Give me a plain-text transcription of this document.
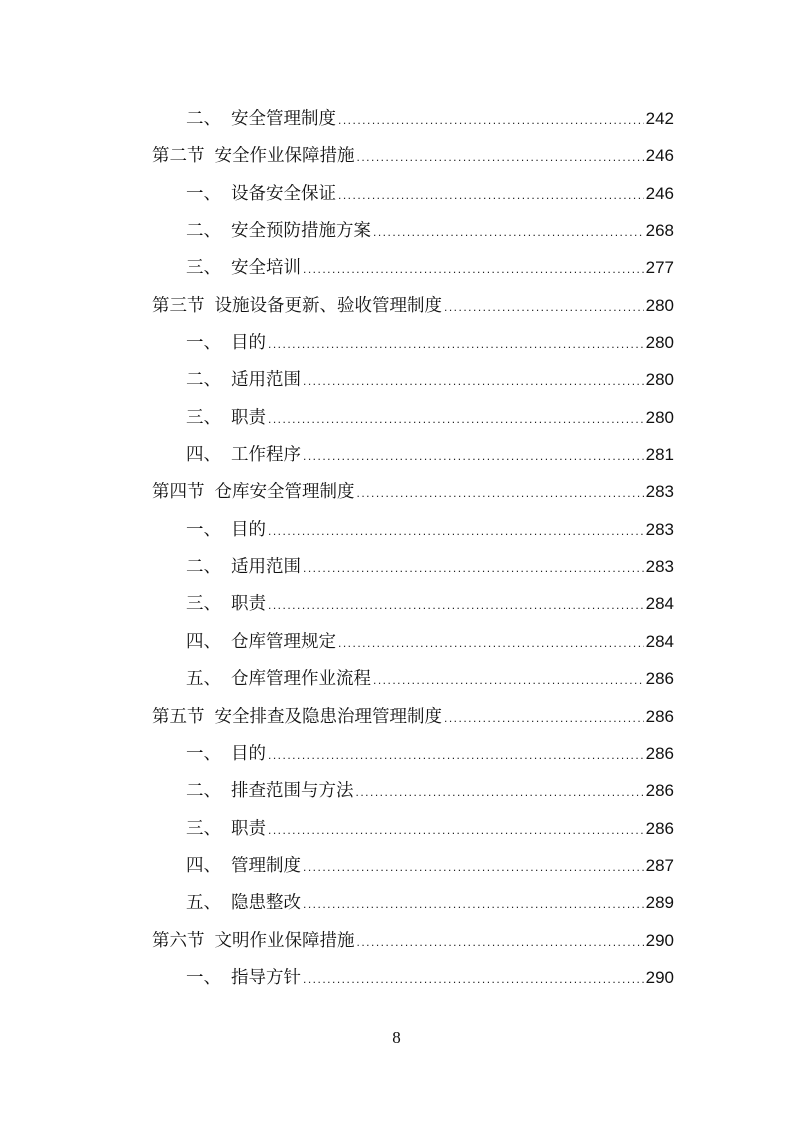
二、 安全管理制度 .....	242
第二节 安全作业保障措施 .....	246
一、 设备安全保证 .....	246
二、 安全预防措施方案 .....	268
三、 安全培训 .....	277
第三节 设施设备更新、验收管理制度 .....	280
一、 目的 .....	280
二、 适用范围 .....	280
三、 职责 .....	280
四、 工作程序 .....	281
第四节 仓库安全管理制度 .....	283
一、 目的 .....	283
二、 适用范围 .....	283
三、 职责 .....	284
四、 仓库管理规定 .....	284
五、 仓库管理作业流程 .....	286
第五节 安全排查及隐患治理管理制度 .....	286
一、 目的 .....	286
二、 排查范围与方法 .....	286
三、 职责 .....	286
四、 管理制度 .....	287
五、 隐患整改 .....	289
第六节 文明作业保障措施 .....	290
一、 指导方针 .....	290
8
